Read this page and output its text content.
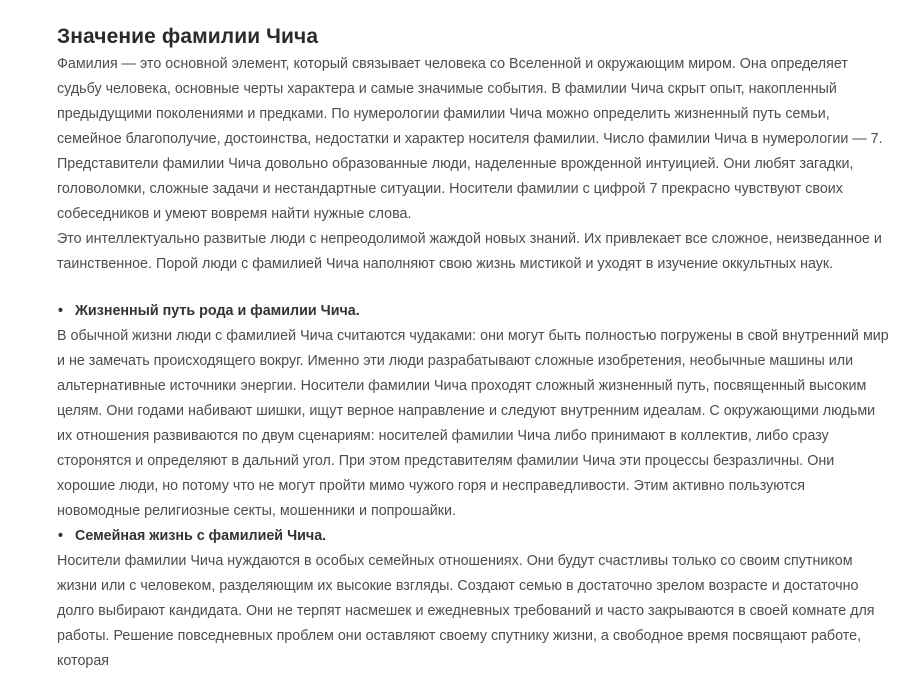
Значение фамилии Чича

Фамилия — это основной элемент, который связывает человека со Вселенной и окружающим миром. Она определяет судьбу человека, основные черты характера и самые значимые события. В фамилии Чича скрыт опыт, накопленный предыдущими поколениями и предками. По нумерологии фамилии Чича можно определить жизненный путь семьи, семейное благополучие, достоинства, недостатки и характер носителя фамилии. Число фамилии Чича в нумерологии — 7. Представители фамилии Чича довольно образованные люди, наделенные врожденной интуицией. Они любят загадки, головоломки, сложные задачи и нестандартные ситуации. Носители фамилии с цифрой 7 прекрасно чувствуют своих собеседников и умеют вовремя найти нужные слова.

Это интеллектуально развитые люди с непреодолимой жаждой новых знаний. Их привлекает все сложное, неизведанное и таинственное. Порой люди с фамилией Чича наполняют свою жизнь мистикой и уходят в изучение оккультных наук.

• Жизненный путь рода и фамилии Чича.

В обычной жизни люди с фамилией Чича считаются чудаками: они могут быть полностью погружены в свой внутренний мир и не замечать происходящего вокруг. Именно эти люди разрабатывают сложные изобретения, необычные машины или альтернативные источники энергии. Носители фамилии Чича проходят сложный жизненный путь, посвященный высоким целям. Они годами набивают шишки, ищут верное направление и следуют внутренним идеалам. С окружающими людьми их отношения развиваются по двум сценариям: носителей фамилии Чича либо принимают в коллектив, либо сразу сторонятся и определяют в дальний угол. При этом представителям фамилии Чича эти процессы безразличны. Они хорошие люди, но потому что не могут пройти мимо чужого горя и несправедливости. Этим активно пользуются новомодные религиозные секты, мошенники и попрошайки.

• Семейная жизнь с фамилией Чича.

Носители фамилии Чича нуждаются в особых семейных отношениях. Они будут счастливы только со своим спутником жизни или с человеком, разделяющим их высокие взгляды. Создают семью в достаточно зрелом возрасте и достаточно долго выбирают кандидата. Они не терпят насмешек и ежедневных требований и часто закрываются в своей комнате для работы. Решение повседневных проблем они оставляют своему спутнику жизни, а свободное время посвящают работе, которая
